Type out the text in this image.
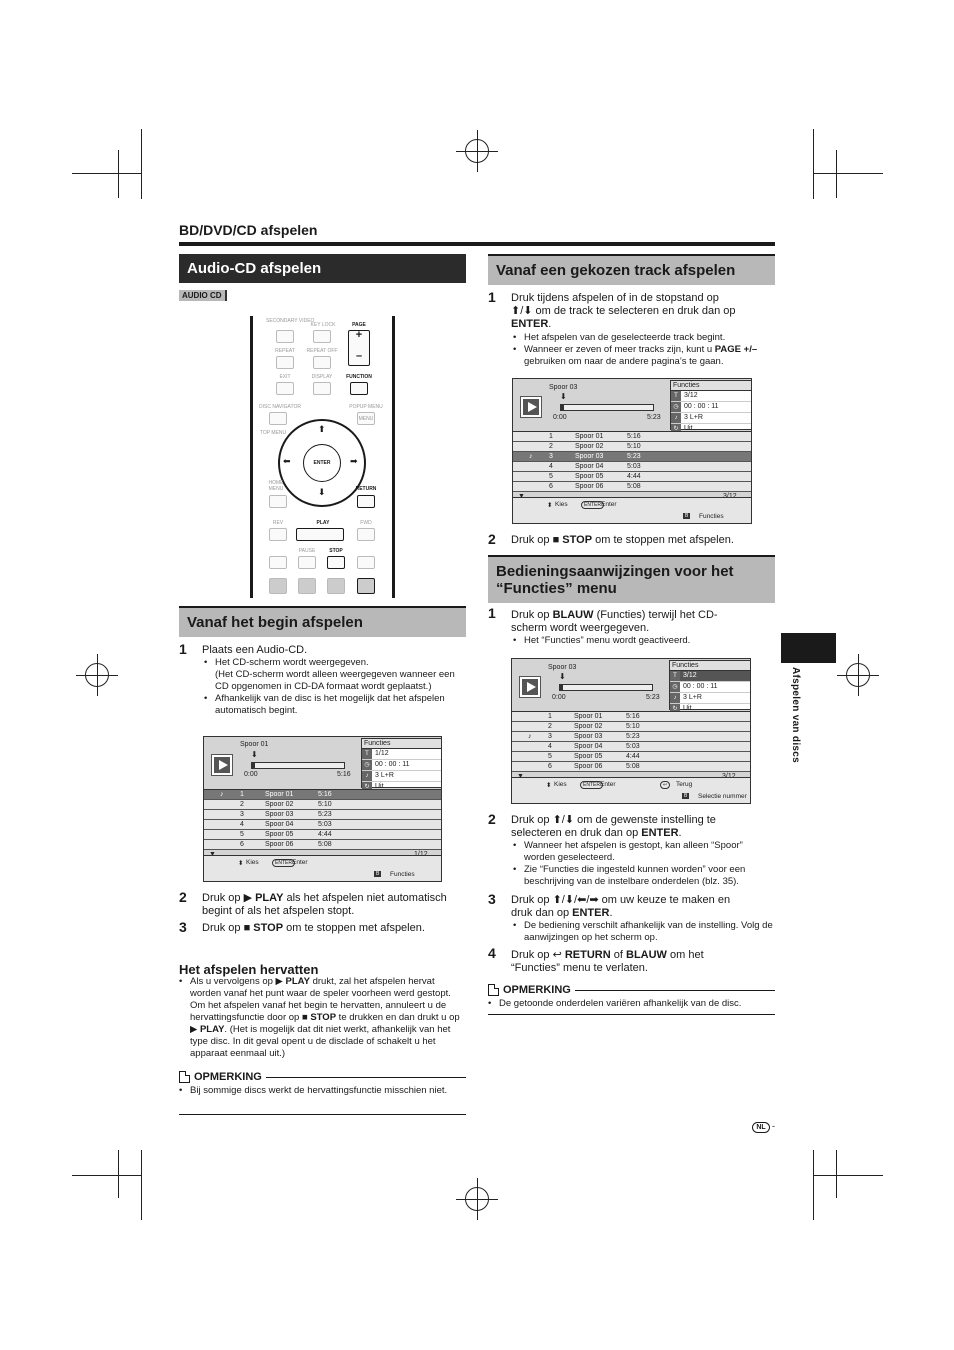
BD/DVD/CD afspelen
Audio-CD afspelen
AUDIO CD
SECONDARY VIDEO
KEY LOCK	PAGE
+
–
REPEAT	REPEAT OFF
EXIT	DISPLAY	FUNCTION
DISC NAVIGATOR	POPUP MENU
MENU
TOP MENU
ENTER
⬆
⬇
⬅	➡
HOME MENU	RETURN
REV	PLAY	FWD
PAUSE	STOP
Vanaf het begin afspelen
1 Plaats een Audio-CD.
• Het CD-scherm wordt weergegeven.
(Het CD-scherm wordt alleen weergegeven wanneer een CD opgenomen in CD-DA formaat wordt geplaatst.)
• Afhankelijk van de disc is het mogelijk dat het afspelen automatisch begint.
Spoor 01
⬇
0:00	5:16
Functies
T 1/12
◷ 00 : 00 : 11
♪ 3 L+R
↻ Uit
♪ 1	Spoor 01	5:16
2	Spoor 02	5:10
3	Spoor 03	5:23
4	Spoor 04	5:03
5	Spoor 05	4:44
6	Spoor 06	5:08
⬍ Kies	ENTER Enter
B	Functies
2 Druk op ▶ PLAY als het afspelen niet automatisch begint of als het afspelen stopt.
3 Druk op ■ STOP om te stoppen met afspelen.
Het afspelen hervatten
• Als u vervolgens op ▶ PLAY drukt, zal het afspelen hervat worden vanaf het punt waar de speler voorheen werd gestopt. Om het afspelen vanaf het begin te hervatten, annuleert u de hervattingsfunctie door op ■ STOP te drukken en dan drukt u op ▶ PLAY. (Het is mogelijk dat dit niet werkt, afhankelijk van het type disc. In dit geval opent u de disclade of schakelt u het apparaat eenmaal uit.)
OPMERKING
• Bij sommige discs werkt de hervattingsfunctie misschien niet.
Vanaf een gekozen track afspelen
1 Druk tijdens afspelen of in de stopstand op
⬆/⬇ om de track te selecteren en druk dan op
ENTER.
• Het afspelen van de geselecteerde track begint.
• Wanneer er zeven of meer tracks zijn, kunt u PAGE +/– gebruiken om naar de andere pagina’s te gaan.
Spoor 03
⬇
0:00	5:23
Functies
T 3/12
◷ 00 : 00 : 11
♪ 3 L+R
↻ Uit
1	Spoor 01	5:16
2	Spoor 02	5:10
♪ 3	Spoor 03	5:23
4	Spoor 04	5:03
5	Spoor 05	4:44
6	Spoor 06	5:08
⬍ Kies	ENTER Enter
B	Functies
2 Druk op ■ STOP om te stoppen met afspelen.
Bedieningsaanwijzingen voor het
“Functies” menu
1 Druk op BLAUW (Functies) terwijl het CD-
scherm wordt weergegeven.
• Het “Functies” menu wordt geactiveerd.
Spoor 03
⬇
0:00	5:23
Functies
T 3/12
◷ 00 : 00 : 11
♪ 3 L+R
↻ Uit
1	Spoor 01	5:16
2	Spoor 02	5:10
♪ 3	Spoor 03	5:23
4	Spoor 04	5:03
5	Spoor 05	4:44
6	Spoor 06	5:08
⬍ Kies	ENTER Enter	↩	Terug
B	Selectie nummer
2 Druk op ⬆/⬇ om de gewenste instelling te
selecteren en druk dan op ENTER.
• Wanneer het afspelen is gestopt, kan alleen “Spoor” worden geselecteerd.
• Zie “Functies die ingesteld kunnen worden” voor een beschrijving van de instelbare onderdelen (blz. 35).
3 Druk op ⬆/⬇/⬅/➡ om uw keuze te maken en
druk dan op ENTER.
• De bediening verschilt afhankelijk van de instelling. Volg de aanwijzingen op het scherm op.
4 Druk op ↩ RETURN of BLAUW om het
“Functies” menu te verlaten.
OPMERKING
• De getoonde onderdelen variëren afhankelijk van de disc.
Afspelen van discs
NL -
